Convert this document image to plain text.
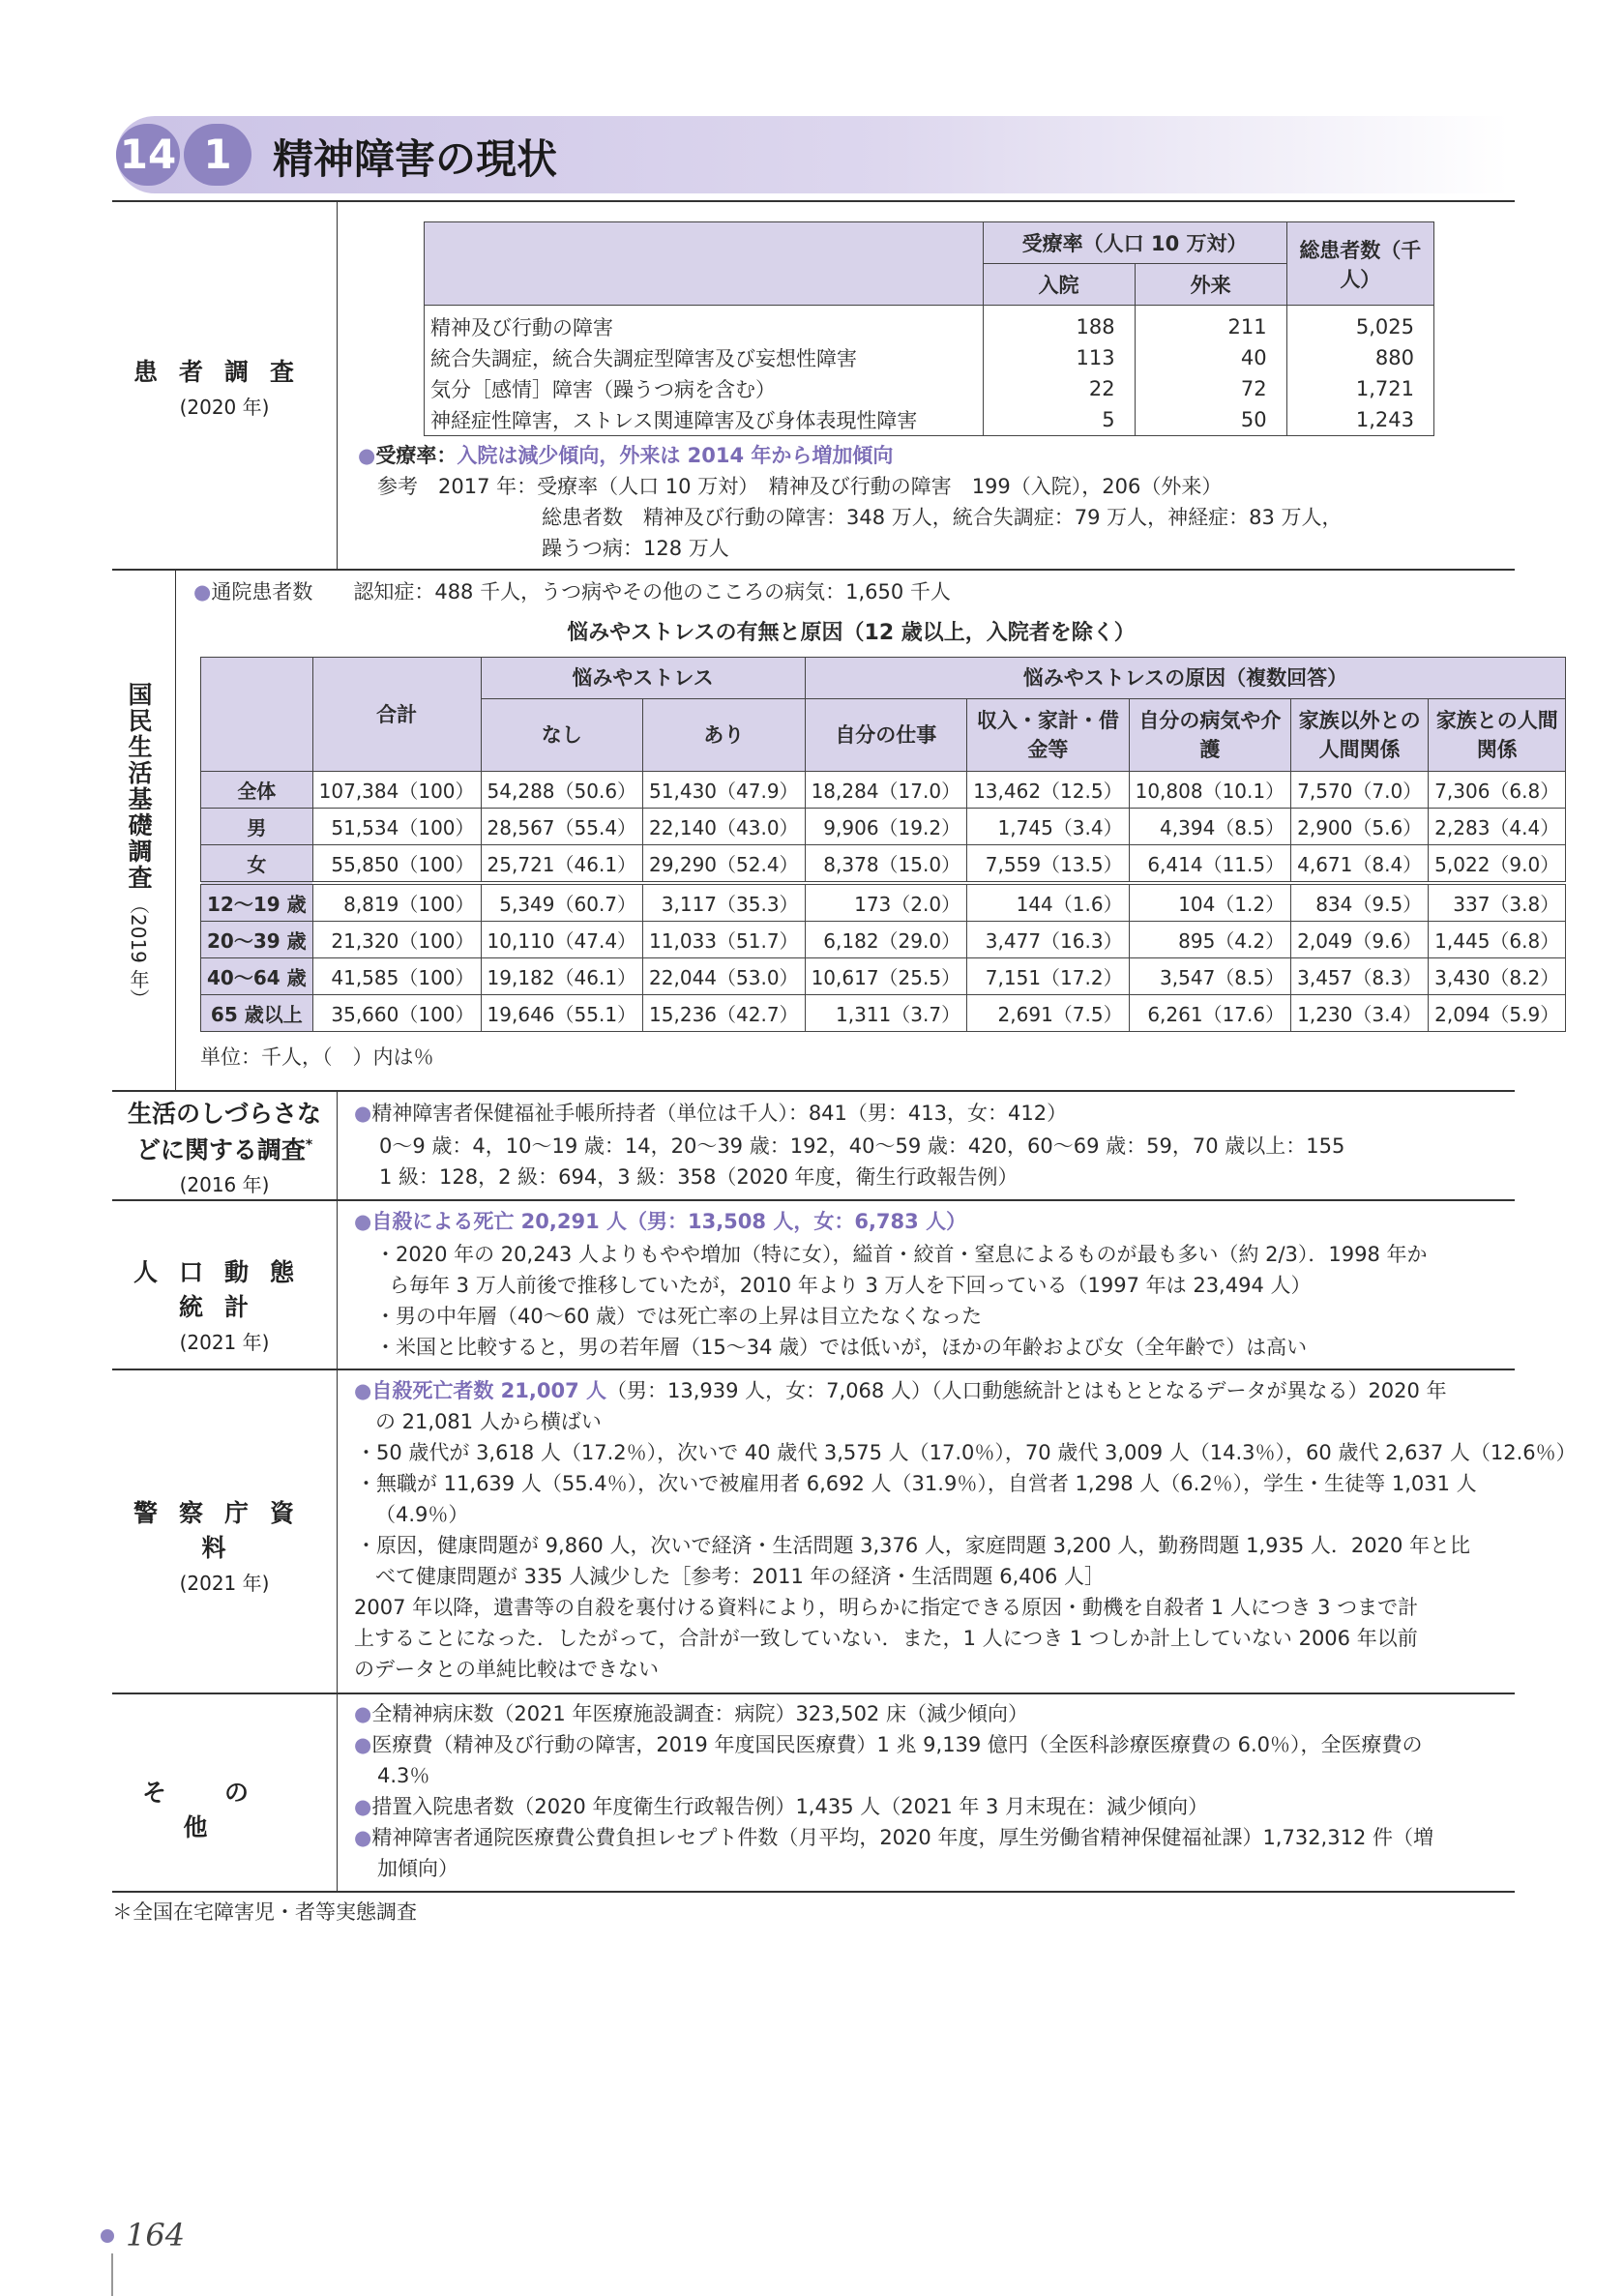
14 1	精神障害の現状
患者調査
(2020 年)
	受療率（人口 10 万対）		総患者数（千人）
	入院	外来	
精神及び行動の障害	188	211	5,025
統合失調症，統合失調症型障害及び妄想性障害	113	40	880
気分［感情］障害（躁うつ病を含む）	22	72	1,721
神経症性障害，ストレス関連障害及び身体表現性障害	5	50	1,243
●受療率：入院は減少傾向，外来は 2014 年から増加傾向
参考　2017 年：受療率（人口 10 万対）　精神及び行動の障害　199（入院），206（外来）
総患者数　精神及び行動の障害：348 万人，統合失調症：79 万人，神経症：83 万人，
躁うつ病：128 万人
国民生活基礎調査
（2019 年）
●通院患者数　　認知症：488 千人，うつ病やその他のこころの病気：1,650 千人
悩みやストレスの有無と原因（12 歳以上，入院者を除く）
	合計	悩みやストレス		悩みやストレスの原因（複数回答）				
		なし	あり	自分の仕事	収入・家計・借金等	自分の病気や介護	家族以外との人間関係	家族との人間関係
全体	107,384（100）	54,288（50.6）	51,430（47.9）	18,284（17.0）	13,462（12.5）	10,808（10.1）	7,570（7.0）	7,306（6.8）
男	51,534（100）	28,567（55.4）	22,140（43.0）	9,906（19.2）	1,745（3.4）	4,394（8.5）	2,900（5.6）	2,283（4.4）
女	55,850（100）	25,721（46.1）	29,290（52.4）	8,378（15.0）	7,559（13.5）	6,414（11.5）	4,671（8.4）	5,022（9.0）
12〜19 歳	8,819（100）	5,349（60.7）	3,117（35.3）	173（2.0）	144（1.6）	104（1.2）	834（9.5）	337（3.8）
20〜39 歳	21,320（100）	10,110（47.4）	11,033（51.7）	6,182（29.0）	3,477（16.3）	895（4.2）	2,049（9.6）	1,445（6.8）
40〜64 歳	41,585（100）	19,182（46.1）	22,044（53.0）	10,617（25.5）	7,151（17.2）	3,547（8.5）	3,457（8.3）	3,430（8.2）
65 歳以上	35,660（100）	19,646（55.1）	15,236（42.7）	1,311（3.7）	2,691（7.5）	6,261（17.6）	1,230（3.4）	2,094（5.9）
単位：千人，（　）内は％
生活のしづらさな
どに関する調査*
(2016 年)
●精神障害者保健福祉手帳所持者（単位は千人）：841（男：413，女：412）
0〜9 歳：4，10〜19 歳：14，20〜39 歳：192，40〜59 歳：420，60〜69 歳：59，70 歳以上：155
1 級：128，2 級：694，3 級：358（2020 年度，衛生行政報告例）
人口動態統計
(2021 年)
●自殺による死亡 20,291 人（男：13,508 人，女：6,783 人）
・2020 年の 20,243 人よりもやや増加（特に女），縊首・絞首・窒息によるものが最も多い（約 2/3）．1998 年か
ら毎年 3 万人前後で推移していたが，2010 年より 3 万人を下回っている（1997 年は 23,494 人）
・男の中年層（40〜60 歳）では死亡率の上昇は目立たなくなった
・米国と比較すると，男の若年層（15〜34 歳）では低いが，ほかの年齢および女（全年齢で）は高い
警察庁資料
(2021 年)
●自殺死亡者数 21,007 人（男：13,939 人，女：7,068 人）（人口動態統計とはもととなるデータが異なる）2020 年
の 21,081 人から横ばい
・50 歳代が 3,618 人（17.2％），次いで 40 歳代 3,575 人（17.0％），70 歳代 3,009 人（14.3％），60 歳代 2,637 人（12.6％）
・無職が 11,639 人（55.4％），次いで被雇用者 6,692 人（31.9％），自営者 1,298 人（6.2％），学生・生徒等 1,031 人
（4.9％）
・原因，健康問題が 9,860 人，次いで経済・生活問題 3,376 人，家庭問題 3,200 人，勤務問題 1,935 人．2020 年と比
べて健康問題が 335 人減少した［参考：2011 年の経済・生活問題 6,406 人］
2007 年以降，遺書等の自殺を裏付ける資料により，明らかに指定できる原因・動機を自殺者 1 人につき 3 つまで計
上することになった．したがって，合計が一致していない．また，1 人につき 1 つしか計上していない 2006 年以前
のデータとの単純比較はできない
その他
●全精神病床数（2021 年医療施設調査：病院）323,502 床（減少傾向）
●医療費（精神及び行動の障害，2019 年度国民医療費）1 兆 9,139 億円（全医科診療医療費の 6.0％），全医療費の
4.3％
●措置入院患者数（2020 年度衛生行政報告例）1,435 人（2021 年 3 月末現在：減少傾向）
●精神障害者通院医療費公費負担レセプト件数（月平均，2020 年度，厚生労働省精神保健福祉課）1,732,312 件（増
加傾向）
＊全国在宅障害児・者等実態調査
164
